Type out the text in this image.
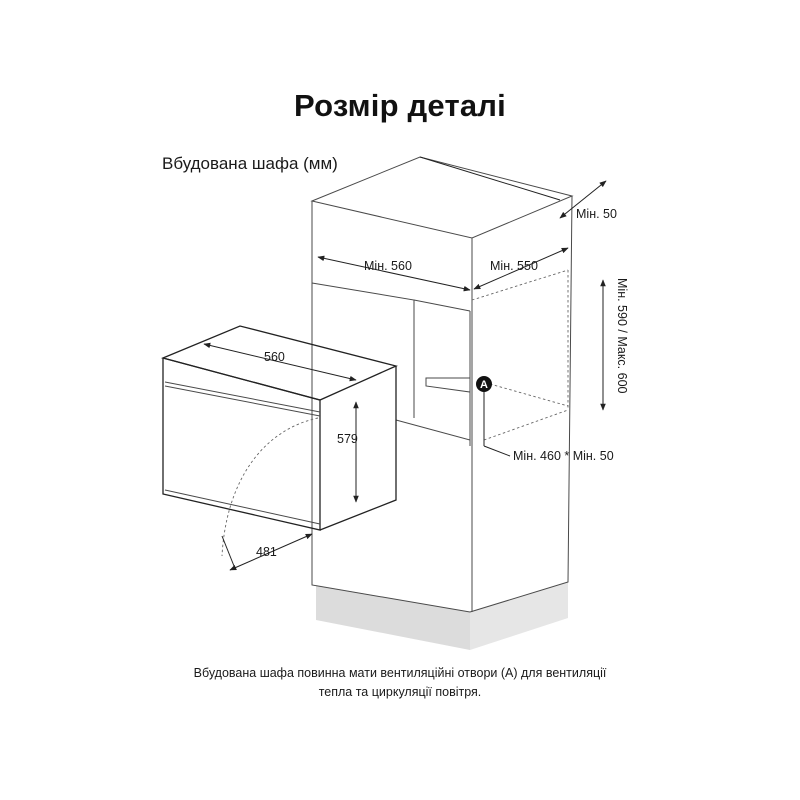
Розмір деталі
Вбудована шафа (мм)
Мін. 560	Мін. 550
Мін. 50
Мін. 590 / Макс. 600
Мін. 460 * Мін. 50
560
579
481
A
Вбудована шафа повинна мати вентиляційні отвори (A) для вентиляції
тепла та циркуляції повітря.
